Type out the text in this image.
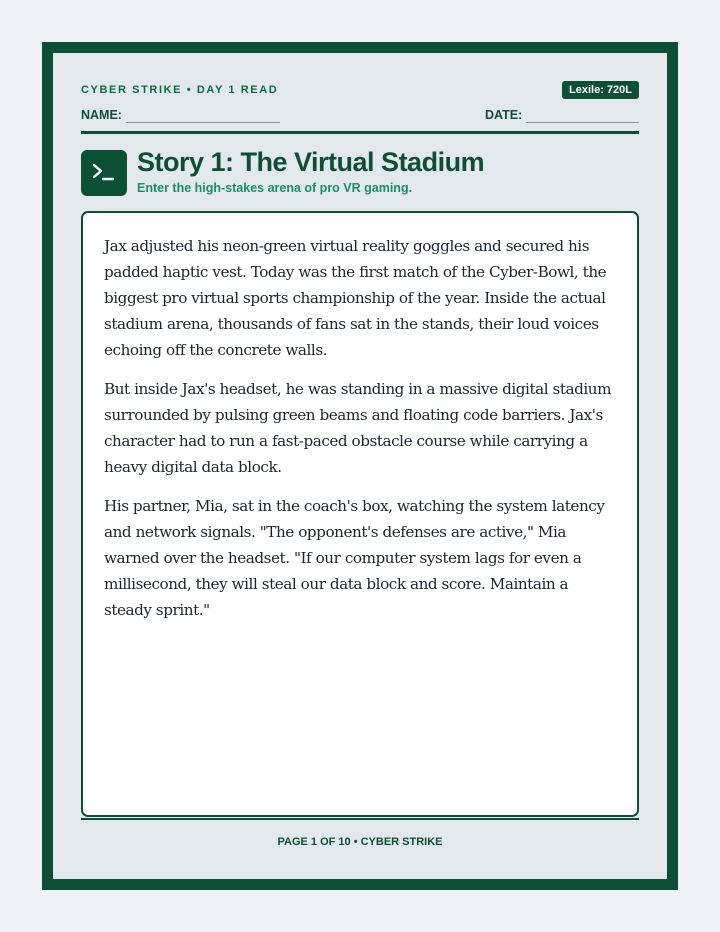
CYBER STRIKE • DAY 1 READ	Lexile: 720L
NAME:	DATE:
Story 1: The Virtual Stadium
Enter the high-stakes arena of pro VR gaming.

Jax adjusted his neon-green virtual reality goggles and secured his padded haptic vest. Today was the first match of the Cyber-Bowl, the biggest pro virtual sports championship of the year. Inside the actual stadium arena, thousands of fans sat in the stands, their loud voices echoing off the concrete walls.

But inside Jax's headset, he was standing in a massive digital stadium surrounded by pulsing green beams and floating code barriers. Jax's character had to run a fast-paced obstacle course while carrying a heavy digital data block.

His partner, Mia, sat in the coach's box, watching the system latency and network signals. "The opponent's defenses are active," Mia warned over the headset. "If our computer system lags for even a millisecond, they will steal our data block and score. Maintain a steady sprint."

PAGE 1 OF 10 • CYBER STRIKE
